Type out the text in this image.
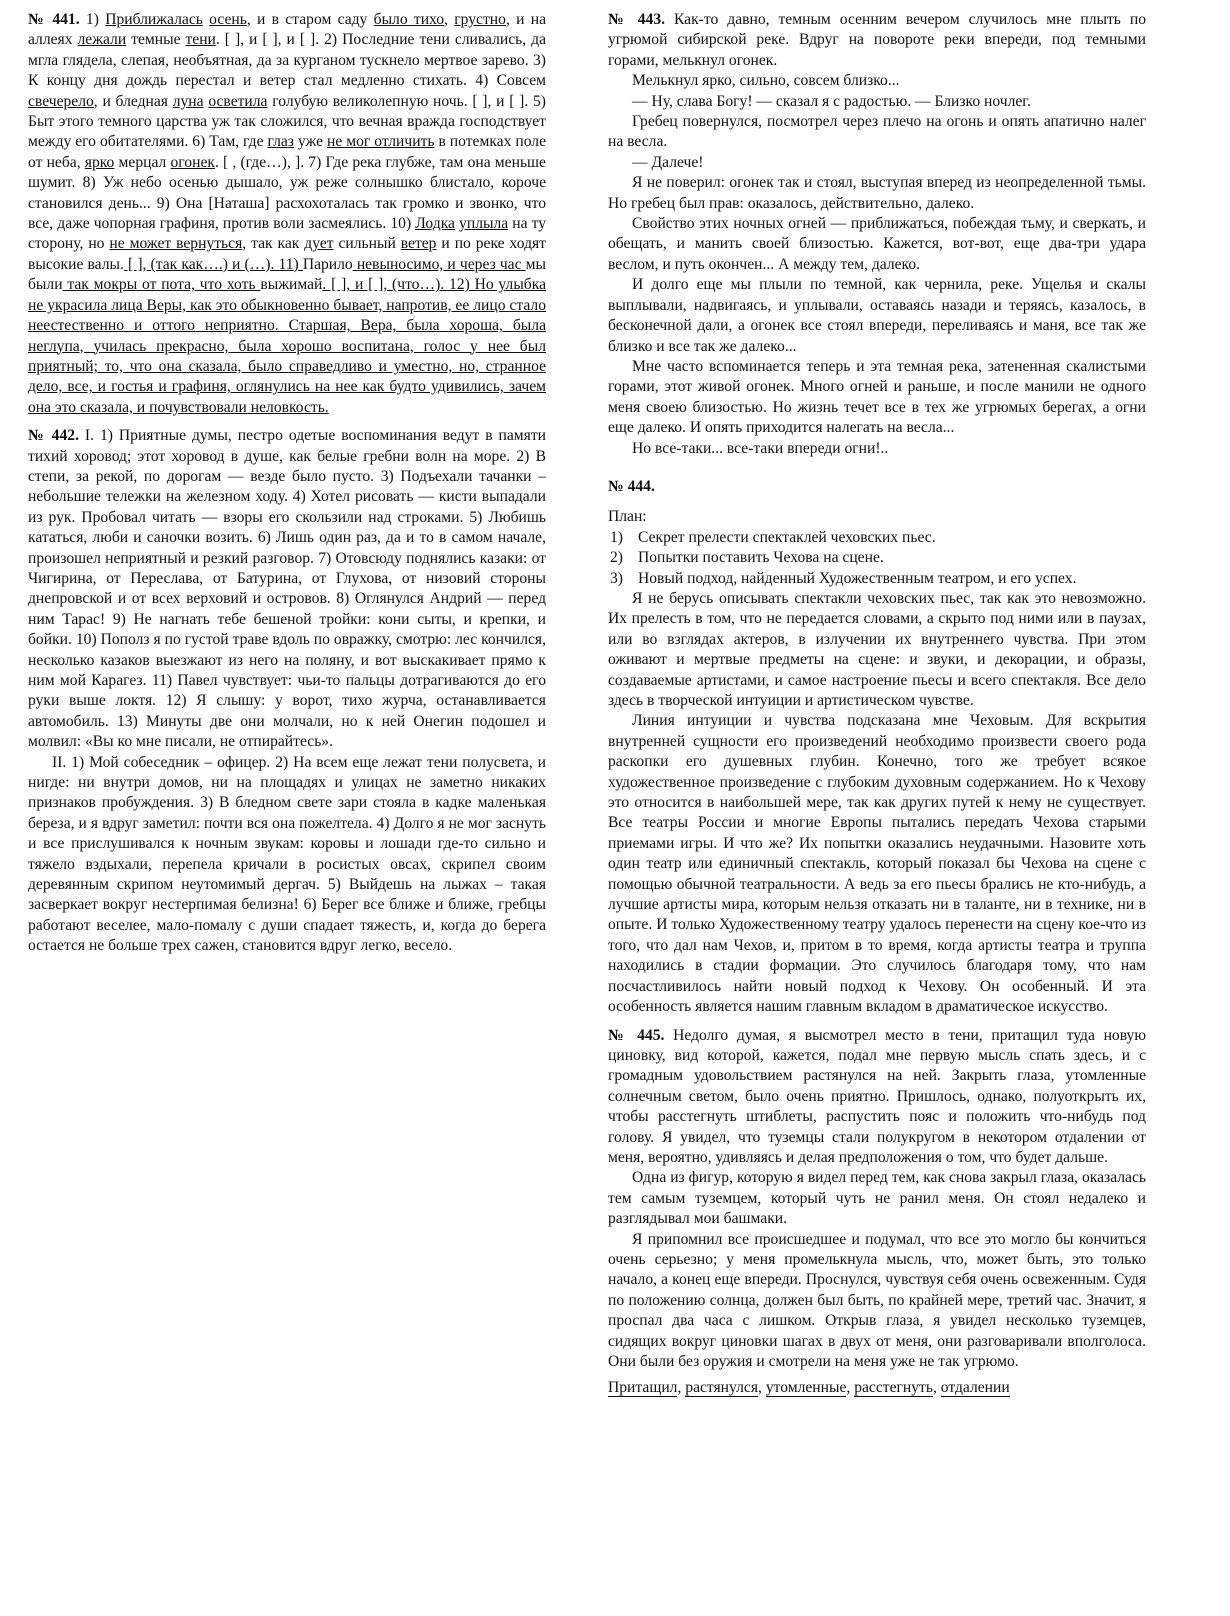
№ 441. 1) Приближалась осень, и в старом саду было тихо, грустно, и на аллеях лежали темные тени. [ ], и [ ], и [ ]. 2) Последние тени сливались, да мгла глядела, слепая, необъятная, да за курганом тускнело мертвое зарево. 3) К концу дня дождь перестал и ветер стал медленно стихать. 4) Совсем свечерело, и бледная луна осветила голубую великолепную ночь. [ ], и [ ]. 5) Быт этого темного царства уж так сложился, что вечная вражда господствует между его обитателями. 6) Там, где глаз уже не мог отличить в потемках поле от неба, ярко мерцал огонек. [ , (где…), ]. 7) Где река глубже, там она меньше шумит. 8) Уж небо осенью дышало, уж реже солнышко блистало, короче становился день... 9) Она [Наташа] расхохоталась так громко и звонко, что все, даже чопорная графиня, против воли засмеялись. 10) Лодка уплыла на ту сторону, но не может вернуться, так как дует сильный ветер и по реке ходят высокие валы. [ ], (так как….) и (…). 11) Парило невыносимо, и через час мы были так мокры от пота, что хоть выжимай. [ ], и [ ], (что…). 12) Но улыбка не украсила лица Веры, как это обыкновенно бывает, напротив, ее лицо стало неестественно и оттого неприятно. Старшая, Вера, была хороша, была неглупа, училась прекрасно, была хорошо воспитана, голос у нее был приятный; то, что она сказала, было справедливо и уместно, но, странное дело, все, и гостья и графиня, оглянулись на нее как будто удивились, зачем она это сказала, и почувствовали неловкость.

№ 442. I. 1) Приятные думы, пестро одетые воспоминания ведут в памяти тихий хоровод; этот хоровод в душе, как белые гребни волн на море. 2) В степи, за рекой, по дорогам — везде было пусто. 3) Подъехали тачанки – небольшие тележки на железном ходу. 4) Хотел рисовать — кисти выпадали из рук. Пробовал читать — взоры его скользили над строками. 5) Любишь кататься, люби и саночки возить. 6) Лишь один раз, да и то в самом начале, произошел неприятный и резкий разговор. 7) Отовсюду поднялись казаки: от Чигирина, от Переслава, от Батурина, от Глухова, от низовий стороны днепровской и от всех верховий и островов. 8) Оглянулся Андрий — перед ним Тарас! 9) Не нагнать тебе бешеной тройки: кони сыты, и крепки, и бойки. 10) Пополз я по густой траве вдоль по овражку, смотрю: лес кончился, несколько казаков выезжают из него на поляну, и вот выскакивает прямо к ним мой Карагез. 11) Павел чувствует: чьи-то пальцы дотрагиваются до его руки выше локтя. 12) Я слышу: у ворот, тихо журча, останавливается автомобиль. 13) Минуты две они молчали, но к ней Онегин подошел и молвил: «Вы ко мне писали, не отпирайтесь».

II. 1) Мой собеседник – офицер. 2) На всем еще лежат тени полусвета, и нигде: ни внутри домов, ни на площадях и улицах не заметно никаких признаков пробуждения. 3) В бледном свете зари стояла в кадке маленькая береза, и я вдруг заметил: почти вся она пожелтела. 4) Долго я не мог заснуть и все прислушивался к ночным звукам: коровы и лошади где-то сильно и тяжело вздыхали, перепела кричали в росистых овсах, скрипел своим деревянным скрипом неутомимый дергач. 5) Выйдешь на лыжах – такая засверкает вокруг нестерпимая белизна! 6) Берег все ближе и ближе, гребцы работают веселее, мало-помалу с души спадает тяжесть, и, когда до берега остается не больше трех сажен, становится вдруг легко, весело.

№ 443. Как-то давно, темным осенним вечером случилось мне плыть по угрюмой сибирской реке. Вдруг на повороте реки впереди, под темными горами, мелькнул огонек.

Мелькнул ярко, сильно, совсем близко...

— Ну, слава Богу! — сказал я с радостью. — Близко ночлег.

Гребец повернулся, посмотрел через плечо на огонь и опять апатично налег на весла.

— Далече!

Я не поверил: огонек так и стоял, выступая вперед из неопределенной тьмы. Но гребец был прав: оказалось, действительно, далеко.

Свойство этих ночных огней — приближаться, побеждая тьму, и сверкать, и обещать, и манить своей близостью. Кажется, вот-вот, еще два-три удара веслом, и путь окончен... А между тем, далеко.

И долго еще мы плыли по темной, как чернила, реке. Ущелья и скалы выплывали, надвигаясь, и уплывали, оставаясь назади и теряясь, казалось, в бесконечной дали, а огонек все стоял впереди, переливаясь и маня, все так же близко и все так же далеко...

Мне часто вспоминается теперь и эта темная река, затененная скалистыми горами, этот живой огонек. Много огней и раньше, и после манили не одного меня своею близостью. Но жизнь течет все в тех же угрюмых берегах, а огни еще далеко. И опять приходится налегать на весла...

Но все-таки... все-таки впереди огни!..

№ 444.

План:

1) Секрет прелести спектаклей чеховских пьес.

2) Попытки поставить Чехова на сцене.

3) Новый подход, найденный Художественным театром, и его успех.

Я не берусь описывать спектакли чеховских пьес, так как это невозможно. Их прелесть в том, что не передается словами, а скрыто под ними или в паузах, или во взглядах актеров, в излучении их внутреннего чувства. При этом оживают и мертвые предметы на сцене: и звуки, и декорации, и образы, создаваемые артистами, и самое настроение пьесы и всего спектакля. Все дело здесь в творческой интуиции и артистическом чувстве.

Линия интуиции и чувства подсказана мне Чеховым. Для вскрытия внутренней сущности его произведений необходимо произвести своего рода раскопки его душевных глубин. Конечно, того же требует всякое художественное произведение с глубоким духовным содержанием. Но к Чехову это относится в наибольшей мере, так как других путей к нему не существует. Все театры России и многие Европы пытались передать Чехова старыми приемами игры. И что же? Их попытки оказались неудачными. Назовите хоть один театр или единичный спектакль, который показал бы Чехова на сцене с помощью обычной театральности. А ведь за его пьесы брались не кто-нибудь, а лучшие артисты мира, которым нельзя отказать ни в таланте, ни в технике, ни в опыте. И только Художественному театру удалось перенести на сцену кое-что из того, что дал нам Чехов, и, притом в то время, когда артисты театра и труппа находились в стадии формации. Это случилось благодаря тому, что нам посчастливилось найти новый подход к Чехову. Он особенный. И эта особенность является нашим главным вкладом в драматическое искусство.

№ 445. Недолго думая, я высмотрел место в тени, притащил туда новую циновку, вид которой, кажется, подал мне первую мысль спать здесь, и с громадным удовольствием растянулся на ней. Закрыть глаза, утомленные солнечным светом, было очень приятно. Пришлось, однако, полуоткрыть их, чтобы расстегнуть штиблеты, распустить пояс и положить что-нибудь под голову. Я увидел, что туземцы стали полукругом в некотором отдалении от меня, вероятно, удивляясь и делая предположения о том, что будет дальше.

Одна из фигур, которую я видел перед тем, как снова закрыл глаза, оказалась тем самым туземцем, который чуть не ранил меня. Он стоял недалеко и разглядывал мои башмаки.

Я припомнил все происшедшее и подумал, что все это могло бы кончиться очень серьезно; у меня промелькнула мысль, что, может быть, это только начало, а конец еще впереди. Проснулся, чувствуя себя очень освеженным. Судя по положению солнца, должен был быть, по крайней мере, третий час. Значит, я проспал два часа с лишком. Открыв глаза, я увидел несколько туземцев, сидящих вокруг циновки шагах в двух от меня, они разговаривали вполголоса. Они были без оружия и смотрели на меня уже не так угрюмо.

Притащил, растянулся, утомленные, расстегнуть, отдалении
